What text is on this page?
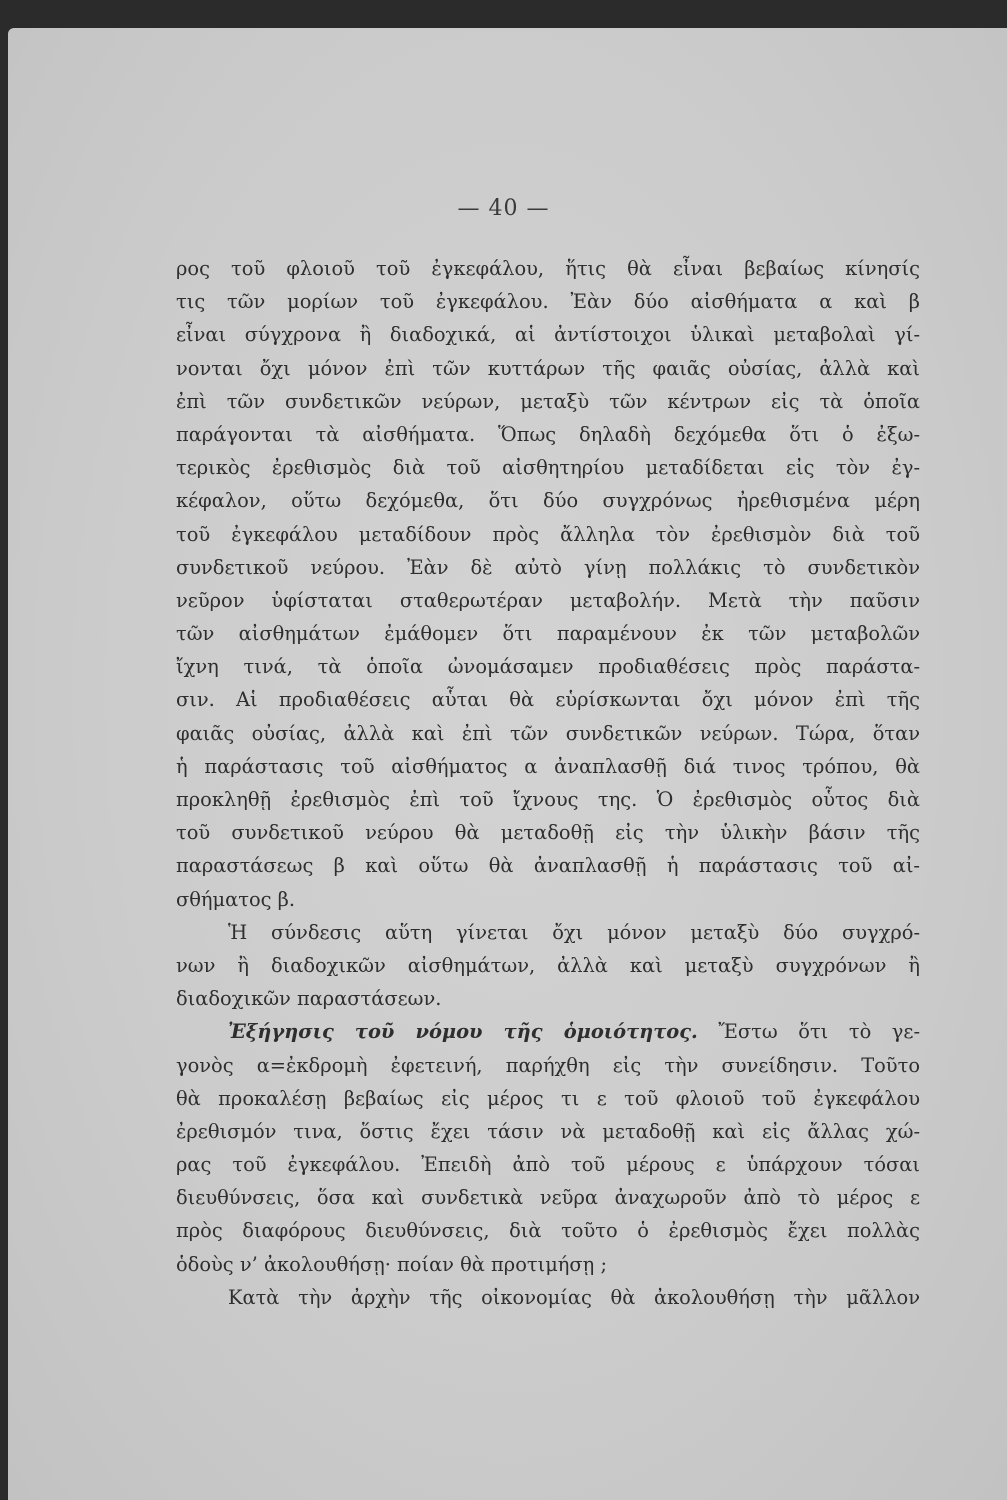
— 40 —
ρος τοῦ φλοιοῦ τοῦ ἐγκεφάλου, ἥτις θὰ εἶναι βεβαίως κίνησίς
τις τῶν μορίων τοῦ ἐγκεφάλου. Ἐὰν δύο αἰσθήματα α καὶ β
εἶναι σύγχρονα ἢ διαδοχικά, αἱ ἀντίστοιχοι ὑλικαὶ μεταβολαὶ γί-
νονται ὄχι μόνον ἐπὶ τῶν κυττάρων τῆς φαιᾶς οὐσίας, ἀλλὰ καὶ
ἐπὶ τῶν συνδετικῶν νεύρων, μεταξὺ τῶν κέντρων εἰς τὰ ὁποῖα
παράγονται τὰ αἰσθήματα. Ὅπως δηλαδὴ δεχόμεθα ὅτι ὁ ἐξω-
τερικὸς ἐρεθισμὸς διὰ τοῦ αἰσθητηρίου μεταδίδεται εἰς τὸν ἐγ-
κέφαλον, οὕτω δεχόμεθα, ὅτι δύο συγχρόνως ἠρεθισμένα μέρη
τοῦ ἐγκεφάλου μεταδίδουν πρὸς ἄλληλα τὸν ἐρεθισμὸν διὰ τοῦ
συνδετικοῦ νεύρου. Ἐὰν δὲ αὐτὸ γίνῃ πολλάκις τὸ συνδετικὸν
νεῦρον ὑφίσταται σταθερωτέραν μεταβολήν. Μετὰ τὴν παῦσιν
τῶν αἰσθημάτων ἐμάθομεν ὅτι παραμένουν ἐκ τῶν μεταβολῶν
ἴχνη τινά, τὰ ὁποῖα ὠνομάσαμεν προδιαθέσεις πρὸς παράστα-
σιν. Αἱ προδιαθέσεις αὗται θὰ εὑρίσκωνται ὄχι μόνον ἐπὶ τῆς
φαιᾶς οὐσίας, ἀλλὰ καὶ ἐπὶ τῶν συνδετικῶν νεύρων. Τώρα, ὅταν
ἡ παράστασις τοῦ αἰσθήματος α ἀναπλασθῇ διά τινος τρόπου, θὰ
προκληθῇ ἐρεθισμὸς ἐπὶ τοῦ ἴχνους της. Ὁ ἐρεθισμὸς οὗτος διὰ
τοῦ συνδετικοῦ νεύρου θὰ μεταδοθῇ εἰς τὴν ὑλικὴν βάσιν τῆς
παραστάσεως β καὶ οὕτω θὰ ἀναπλασθῇ ἡ παράστασις τοῦ αἰ-
σθήματος β.
Ἡ σύνδεσις αὕτη γίνεται ὄχι μόνον μεταξὺ δύο συγχρό-
νων ἢ διαδοχικῶν αἰσθημάτων, ἀλλὰ καὶ μεταξὺ συγχρόνων ἢ
διαδοχικῶν παραστάσεων.
Ἐξήγησις τοῦ νόμου τῆς ὁμοιότητος. Ἔστω ὅτι τὸ γε-
γονὸς α=ἐκδρομὴ ἐφετεινή, παρήχθη εἰς τὴν συνείδησιν. Τοῦτο
θὰ προκαλέσῃ βεβαίως εἰς μέρος τι ε τοῦ φλοιοῦ τοῦ ἐγκεφάλου
ἐρεθισμόν τινα, ὅστις ἔχει τάσιν νὰ μεταδοθῇ καὶ εἰς ἄλλας χώ-
ρας τοῦ ἐγκεφάλου. Ἐπειδὴ ἀπὸ τοῦ μέρους ε ὑπάρχουν τόσαι
διευθύνσεις, ὅσα καὶ συνδετικὰ νεῦρα ἀναχωροῦν ἀπὸ τὸ μέρος ε
πρὸς διαφόρους διευθύνσεις, διὰ τοῦτο ὁ ἐρεθισμὸς ἔχει πολλὰς
ὁδοὺς ν’ ἀκολουθήσῃ· ποίαν θὰ προτιμήσῃ ;
Κατὰ τὴν ἀρχὴν τῆς οἰκονομίας θὰ ἀκολουθήσῃ τὴν μᾶλλον
